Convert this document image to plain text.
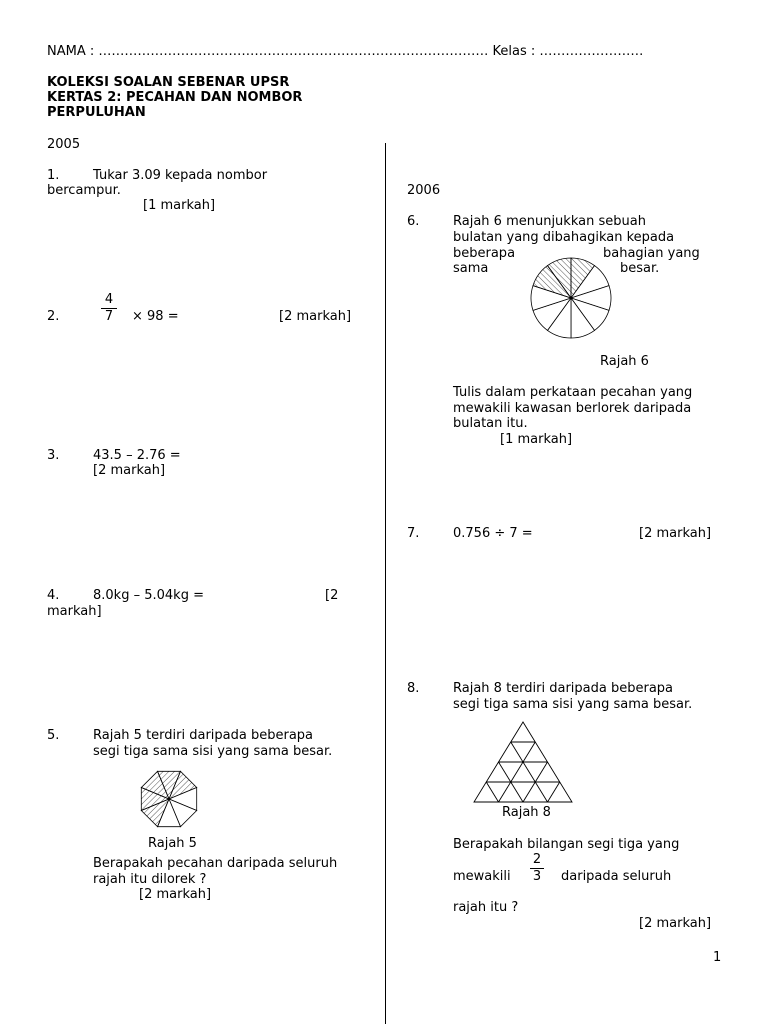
NAMA : ……………………………………………………………………………… Kelas : ……………………
KOLEKSI SOALAN SEBENAR UPSR
KERTAS 2: PECAHAN DAN NOMBOR
PERPULUHAN
2005
1.	Tukar 3.09 kepada nombor
bercampur.
[1 markah]
2.
4
7 × 98 =	[2 markah]
3.	43.5 – 2.76 =
[2 markah]
4.	8.0kg – 5.04kg =	[2
markah]
5.	Rajah 5 terdiri daripada beberapa
segi tiga sama sisi yang sama besar.
Rajah 5
Berapakah pecahan daripada seluruh
rajah itu dilorek ?
[2 markah]
2006
6.	Rajah 6 menunjukkan sebuah
bulatan yang dibahagikan kepada
beberapa	bahagian yang
sama	besar.
Rajah 6
Tulis dalam perkataan pecahan yang
mewakili kawasan berlorek daripada
bulatan itu.
[1 markah]
7.	0.756 ÷ 7 =	[2 markah]
8.	Rajah 8 terdiri daripada beberapa
segi tiga sama sisi yang sama besar.
Rajah 8
Berapakah bilangan segi tiga yang
mewakili
2
3 daripada seluruh
rajah itu ?
[2 markah]
1
